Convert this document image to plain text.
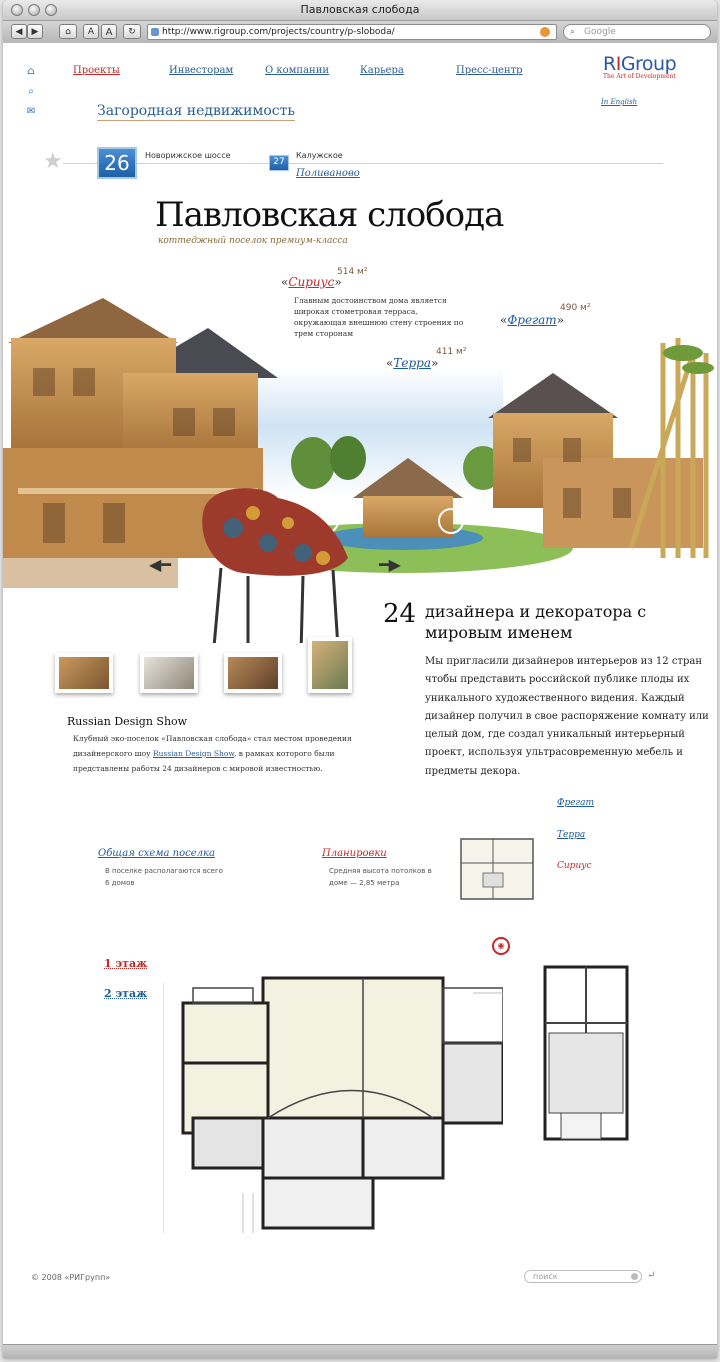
Павловская слобода
◀	▶	⌂	A	A	↻	http://www.rigroup.com/projects/country/p-sloboda/	⌕ Google
⌂
⌕
✉
Проекты	Инвесторам	О компании	Карьера	Пресс-центр	RIGroup
The Art of Development
In English
Загородная недвижимость
★	26	Новорижское шоссе
27
Калужское
Поливаново
Павловская слобода
коттеджный поселок премиум-класса
«Сириус»
514 м²
Главным достоинством дома является широкая стометровая терраса, окружающая внешнюю стену строения по трем сторонам
«Фрегат»
490 м²
«Терра»
411 м²
◀━	━▶
24 дизайнера и декоратора с мировым именем
Мы пригласили дизайнеров интерьеров из 12 стран чтобы представить российской публике плоды их уникального художественного видения. Каждый дизайнер получил в свое распоряжение комнату или целый дом, где создал уникальный интерьерный проект, используя ультрасовременную мебель и предметы декора.
Russian Design Show
Клубный эко-поселок «Павловская слобода» стал местом проведения дизайнерского шоу Russian Design Show, в рамках которого были представлены работы 24 дизайнеров с мировой известностью.
Общая схема поселка
В поселке располагаются всего 6 домов
Планировки
Средняя высота потолков в доме — 2,85 метра
Фрегат
Терра
Сириус
1 этаж
2 этаж
◉
© 2008 «РИГрупп»	поиск	↵
